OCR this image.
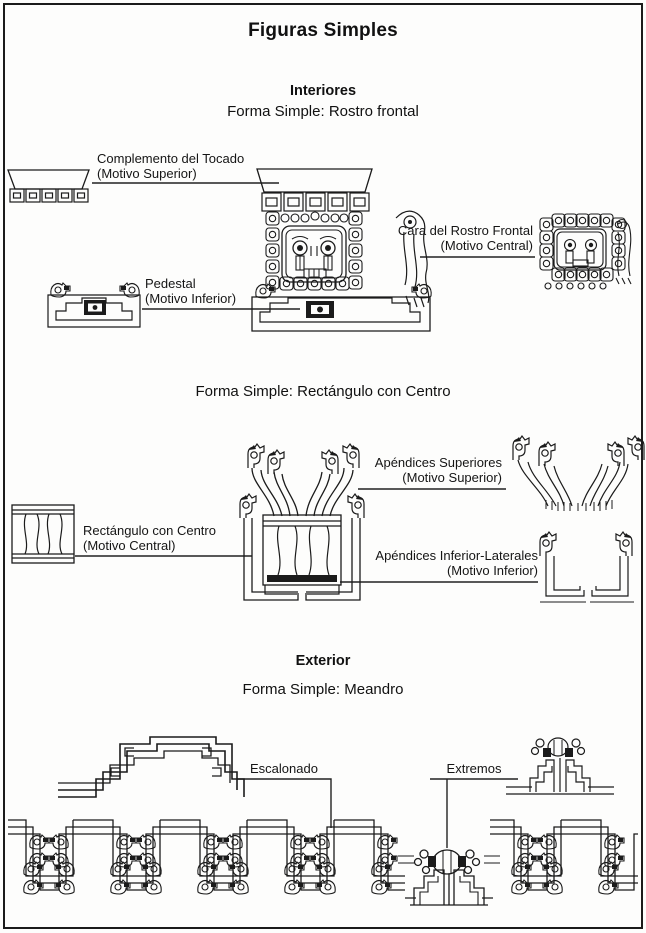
Figuras Simples
Interiores
Forma Simple: Rostro frontal
Complemento del Tocado
(Motivo Superior)
Cara del Rostro Frontal
(Motivo Central)
Pedestal
(Motivo Inferior)
Forma Simple: Rectángulo con Centro
Apéndices Superiores
(Motivo Superior)
Rectángulo con Centro
(Motivo Central)
Apéndices Inferior-Laterales
(Motivo Inferior)
Exterior
Forma Simple: Meandro
Escalonado	Extremos
